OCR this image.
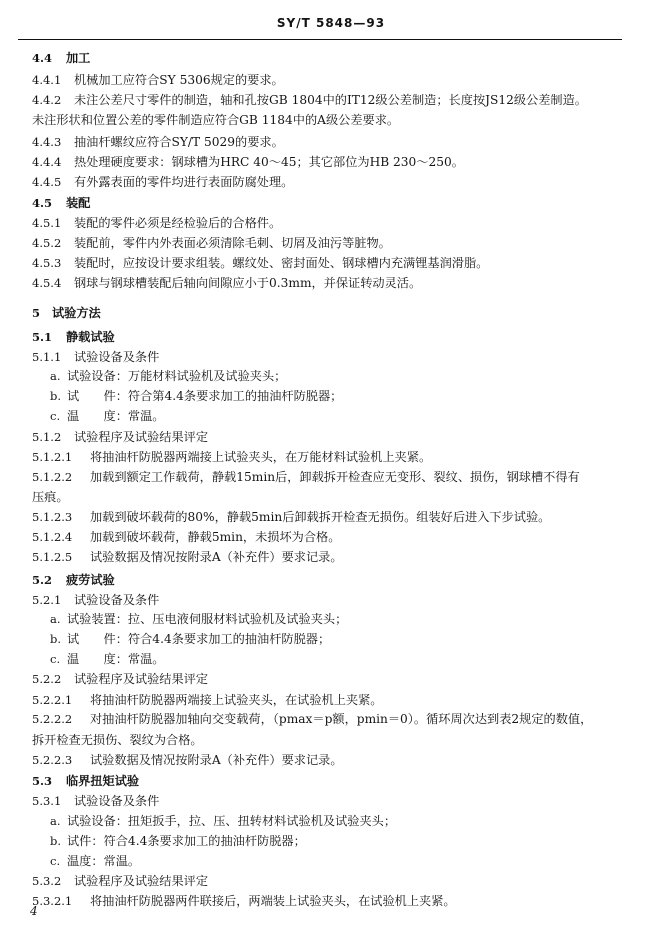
SY/T 5848—93
4.4 加工
4.4.1 机械加工应符合SY 5306规定的要求。
4.4.2 未注公差尺寸零件的制造，轴和孔按GB 1804中的IT12级公差制造；长度按JS12级公差制造。
未注形状和位置公差的零件制造应符合GB 1184中的A级公差要求。
4.4.3 抽油杆螺纹应符合SY/T 5029的要求。
4.4.4 热处理硬度要求：钢球槽为HRC 40～45；其它部位为HB 230～250。
4.4.5 有外露表面的零件均进行表面防腐处理。
4.5 装配
4.5.1 装配的零件必须是经检验后的合格件。
4.5.2 装配前，零件内外表面必须清除毛刺、切屑及油污等脏物。
4.5.3 装配时，应按设计要求组装。螺纹处、密封面处、钢球槽内充满锂基润滑脂。
4.5.4 钢球与钢球槽装配后轴向间隙应小于0.3mm，并保证转动灵活。
5 试验方法
5.1 静载试验
5.1.1 试验设备及条件
a. 试验设备：万能材料试验机及试验夹头；
b. 试　　件：符合第4.4条要求加工的抽油杆防脱器；
c. 温　　度：常温。
5.1.2 试验程序及试验结果评定
5.1.2.1 将抽油杆防脱器两端接上试验夹头，在万能材料试验机上夹紧。
5.1.2.2 加载到额定工作载荷，静载15min后，卸载拆开检查应无变形、裂纹、损伤，钢球槽不得有
压痕。
5.1.2.3 加载到破坏载荷的80%，静载5min后卸载拆开检查无损伤。组装好后进入下步试验。
5.1.2.4 加载到破坏载荷，静载5min，未损坏为合格。
5.1.2.5 试验数据及情况按附录A（补充件）要求记录。
5.2 疲劳试验
5.2.1 试验设备及条件
a. 试验装置：拉、压电液伺服材料试验机及试验夹头；
b. 试　　件：符合4.4条要求加工的抽油杆防脱器；
c. 温　　度：常温。
5.2.2 试验程序及试验结果评定
5.2.2.1 将抽油杆防脱器两端接上试验夹头，在试验机上夹紧。
5.2.2.2 对抽油杆防脱器加轴向交变载荷，（pmax＝p额，pmin＝0）。循环周次达到表2规定的数值，
拆开检查无损伤、裂纹为合格。
5.2.2.3 试验数据及情况按附录A（补充件）要求记录。
5.3 临界扭矩试验
5.3.1 试验设备及条件
a. 试验设备：扭矩扳手，拉、压、扭转材料试验机及试验夹头；
b. 试件：符合4.4条要求加工的抽油杆防脱器；
c. 温度：常温。
5.3.2 试验程序及试验结果评定
5.3.2.1 将抽油杆防脱器两件联接后，两端装上试验夹头，在试验机上夹紧。
4
